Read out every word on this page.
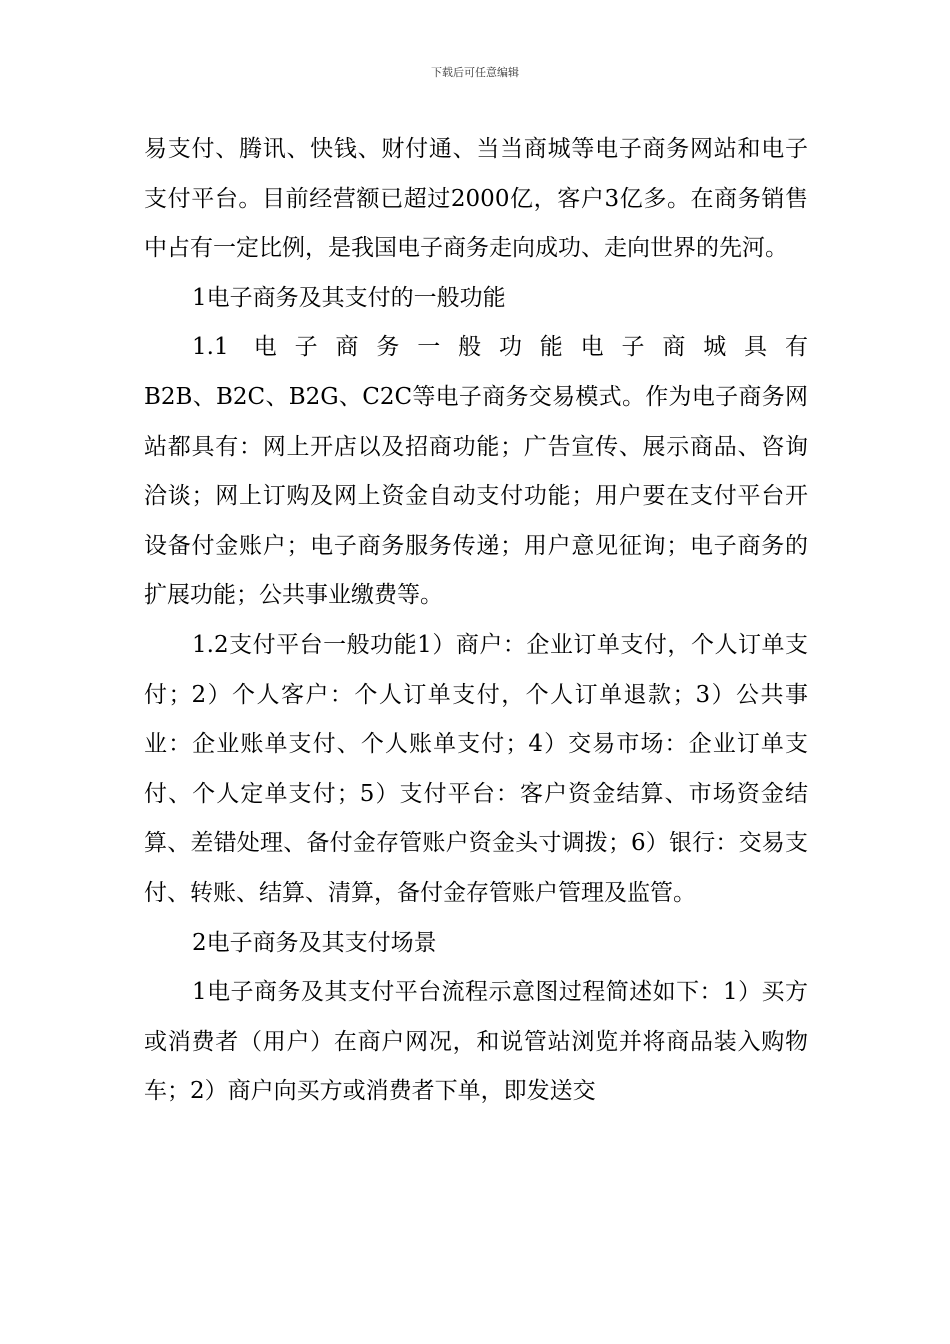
下载后可任意编辑

易支付、腾讯、快钱、财付通、当当商城等电子商务网站和电子支付平台。目前经营额已超过2000亿，客户3亿多。在商务销售中占有一定比例，是我国电子商务走向成功、走向世界的先河。

1电子商务及其支付的一般功能

1.1 电子商务一般功能电子商城具有

B2B、B2C、B2G、C2C等电子商务交易模式。作为电子商务网站都具有：网上开店以及招商功能；广告宣传、展示商品、咨询洽谈；网上订购及网上资金自动支付功能；用户要在支付平台开设备付金账户；电子商务服务传递；用户意见征询；电子商务的扩展功能；公共事业缴费等。

1.2支付平台一般功能1）商户：企业订单支付，个人订单支付；2）个人客户：个人订单支付，个人订单退款；3）公共事业：企业账单支付、个人账单支付；4）交易市场：企业订单支付、个人定单支付；5）支付平台：客户资金结算、市场资金结算、差错处理、备付金存管账户资金头寸调拨；6）银行：交易支付、转账、结算、清算，备付金存管账户管理及监管。

2电子商务及其支付场景

1电子商务及其支付平台流程示意图过程简述如下：1）买方或消费者（用户）在商户网况，和说管站浏览并将商品装入购物车；2）商户向买方或消费者下单，即发送交
